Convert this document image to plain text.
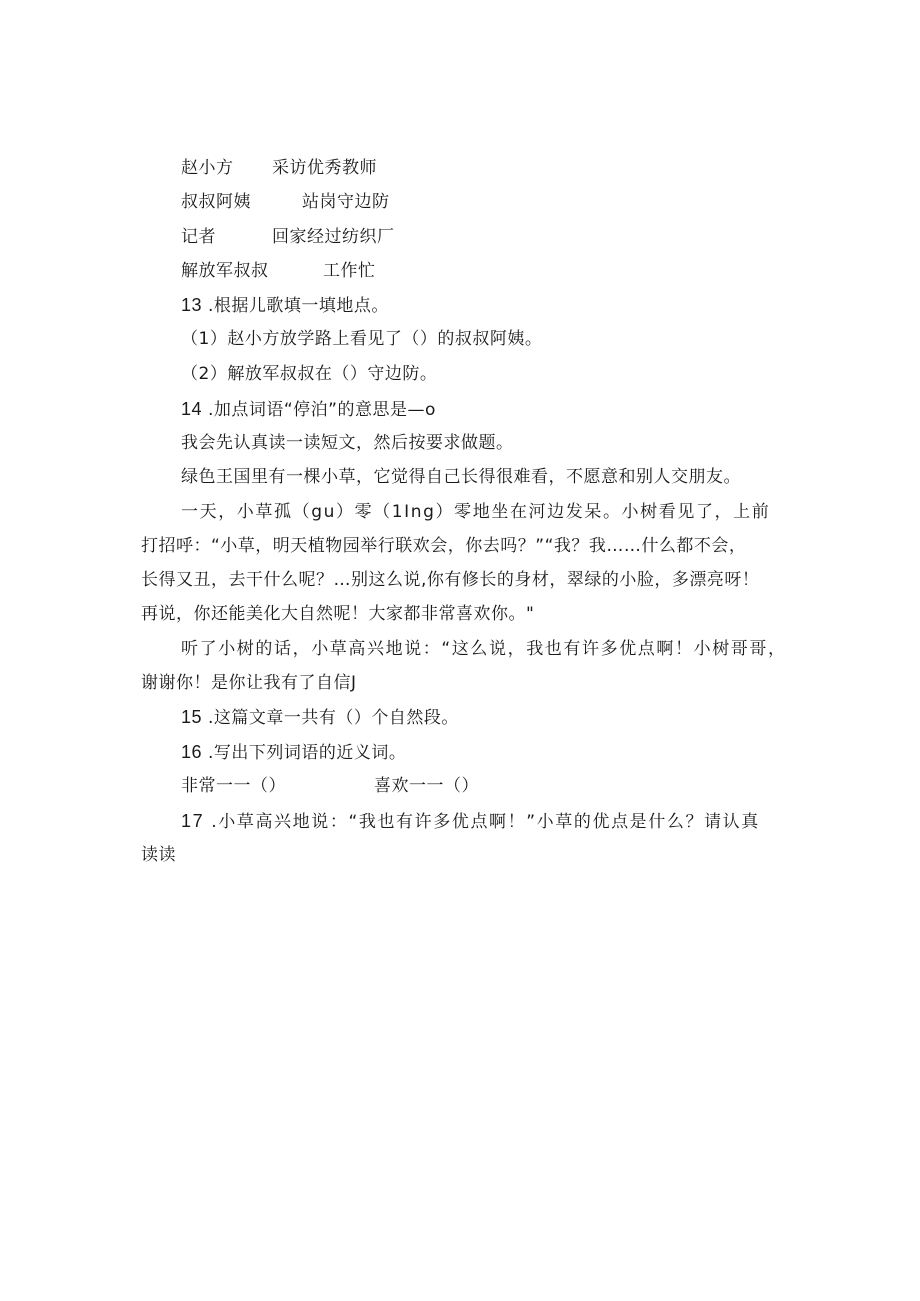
赵小方 采访优秀教师
叔叔阿姨	站岗守边防
记者	回家经过纺织厂
解放军叔叔	工作忙
13 .根据儿歌填一填地点。
（1）赵小方放学路上看见了（）的叔叔阿姨。
（2）解放军叔叔在（）守边防。
14 .加点词语“停泊”的意思是—o
我会先认真读一读短文，然后按要求做题。
绿色王国里有一棵小草，它觉得自己长得很难看，不愿意和别人交朋友。
一天，小草孤（gu）零（1Ing）零地坐在河边发呆。小树看见了，上前
打招呼：“小草，明天植物园举行联欢会，你去吗？”“我？我……什么都不会，
长得又丑，去干什么呢？…别这么说,你有修长的身材，翠绿的小脸，多漂亮呀！
再说，你还能美化大自然呢！大家都非常喜欢你。"
听了小树的话，小草高兴地说：“这么说，我也有许多优点啊！小树哥哥，
谢谢你！是你让我有了自信J
15 .这篇文章一共有（）个自然段。
16 .写出下列词语的近义词。
非常一一（）	喜欢一一（）
17 .小草高兴地说：“我也有许多优点啊！”小草的优点是什么？请认真
读读
